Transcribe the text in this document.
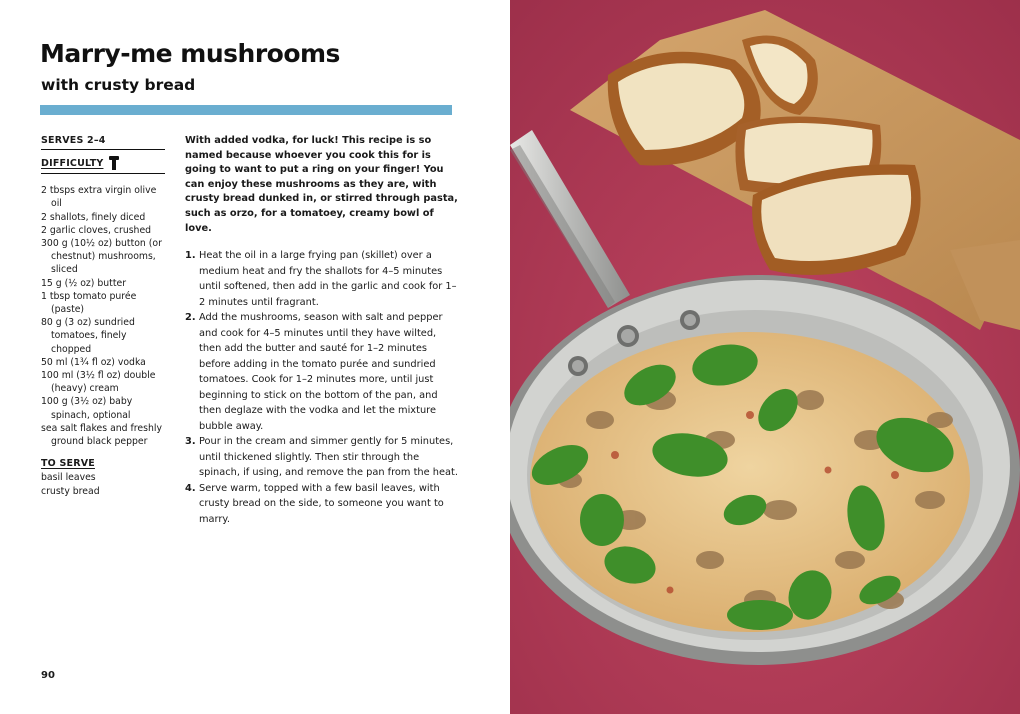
Marry-me mushrooms
with crusty bread
SERVES 2–4
DIFFICULTY
2 tbsps extra virgin olive oil
2 shallots, finely diced
2 garlic cloves, crushed
300 g (10½ oz) button (or chestnut) mushrooms, sliced
15 g (½ oz) butter
1 tbsp tomato purée (paste)
80 g (3 oz) sundried tomatoes, finely chopped
50 ml (1¾ fl oz) vodka
100 ml (3½ fl oz) double (heavy) cream
100 g (3½ oz) baby spinach, optional
sea salt flakes and freshly ground black pepper
TO SERVE
basil leaves
crusty bread

With added vodka, for luck! This recipe is so named because whoever you cook this for is going to want to put a ring on your finger! You can enjoy these mushrooms as they are, with crusty bread dunked in, or stirred through pasta, such as orzo, for a tomatoey, creamy bowl of love.

1. Heat the oil in a large frying pan (skillet) over a medium heat and fry the shallots for 4–5 minutes until softened, then add in the garlic and cook for 1–2 minutes until fragrant.
2. Add the mushrooms, season with salt and pepper and cook for 4–5 minutes until they have wilted, then add the butter and sauté for 1–2 minutes before adding in the tomato purée and sundried tomatoes. Cook for 1–2 minutes more, until just beginning to stick on the bottom of the pan, and then deglaze with the vodka and let the mixture bubble away.
3. Pour in the cream and simmer gently for 5 minutes, until thickened slightly. Then stir through the spinach, if using, and remove the pan from the heat.
4. Serve warm, topped with a few basil leaves, with crusty bread on the side, to someone you want to marry.
90
